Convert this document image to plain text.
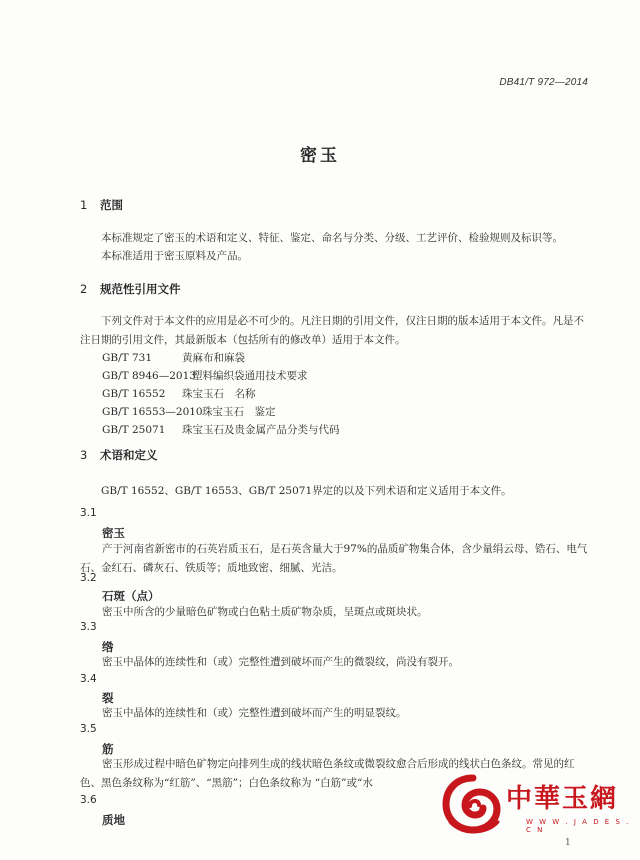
DB41/T 972—2014
密玉
1 范围
本标准规定了密玉的术语和定义、特征、鉴定、命名与分类、分级、工艺评价、检验规则及标识等。
本标准适用于密玉原料及产品。
2 规范性引用文件
下列文件对于本文件的应用是必不可少的。凡注日期的引用文件，仅注日期的版本适用于本文件。凡是不注日期的引用文件，其最新版本（包括所有的修改单）适用于本文件。
GB/T 731	黄麻布和麻袋
GB/T 8946—2013塑料编织袋通用技术要求
GB/T 16552 珠宝玉石　名称
GB/T 16553—2010珠宝玉石　鉴定
GB/T 25071 珠宝玉石及贵金属产品分类与代码
3 术语和定义
GB/T 16552、GB/T 16553、GB/T 25071界定的以及下列术语和定义适用于本文件。
3.1
密玉
产于河南省新密市的石英岩质玉石，是石英含量大于97%的晶质矿物集合体，含少量绢云母、锆石、电气石、金红石、磷灰石、铁质等；质地致密、细腻、光洁。
3.2
石斑（点）
密玉中所含的少量暗色矿物或白色粘土质矿物杂质，呈斑点或斑块状。
3.3
绺
密玉中晶体的连续性和（或）完整性遭到破坏而产生的微裂纹，尚没有裂开。
3.4
裂
密玉中晶体的连续性和（或）完整性遭到破坏而产生的明显裂纹。
3.5
筋
密玉形成过程中暗色矿物定向排列生成的线状暗色条纹或微裂纹愈合后形成的线状白色条纹。常见的红色、黑色条纹称为“红筋”、“黑筋”；白色条纹称为 “白筋”或“水
3.6
质地
1
中華玉網
W W W . J A D E S . C N
